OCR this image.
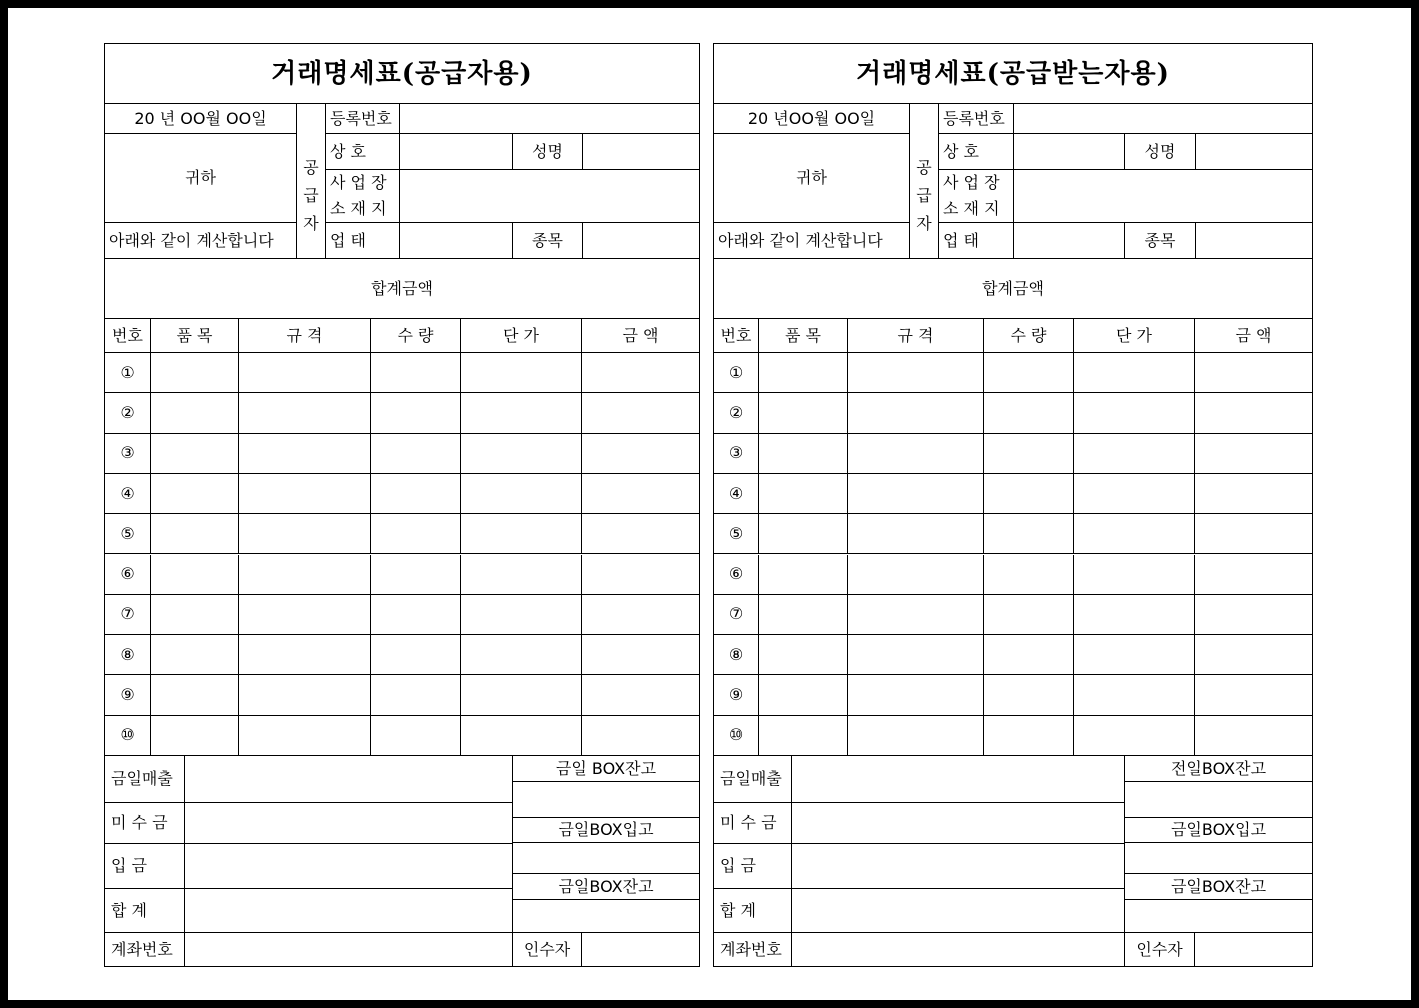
거래명세표(공급자용)
20 년 OO월 OO일
귀하
아래와 같이 계산합니다
공
급
자
등록번호
상 호	성명
사 업 장
소 재 지
업 태	종목
합계금액
번호	품 목	규 격	수 량	단 가	금 액
①
②
③
④
⑤
⑥
⑦
⑧
⑨
⑩
금일매출
미 수 금
입 금
합 계
금일 BOX잔고
금일BOX입고
금일BOX잔고
계좌번호	인수자
거래명세표(공급받는자용)
20 년OO월 OO일
귀하
아래와 같이 계산합니다
공
급
자
등록번호
상 호	성명
사 업 장
소 재 지
업 태	종목
합계금액
번호	품 목	규 격	수 량	단 가	금 액
①
②
③
④
⑤
⑥
⑦
⑧
⑨
⑩
금일매출
미 수 금
입 금
합 계
전일BOX잔고
금일BOX입고
금일BOX잔고
계좌번호	인수자
